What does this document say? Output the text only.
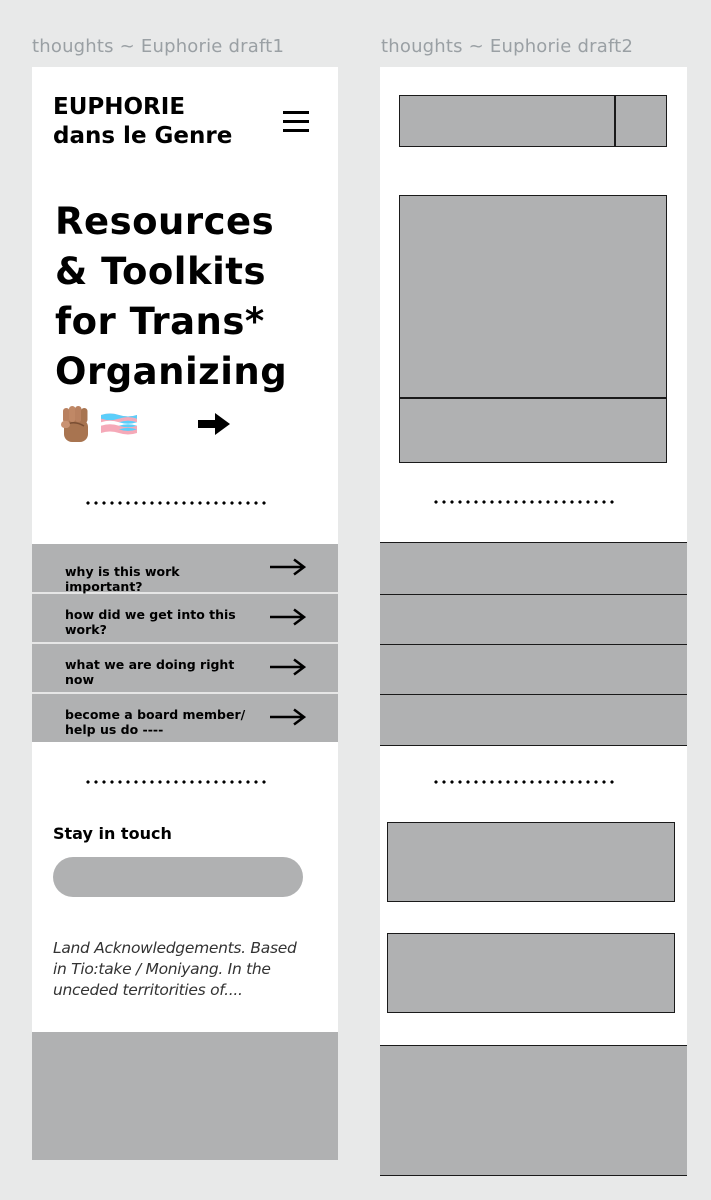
thoughts ~ Euphorie draft1	thoughts ~ Euphorie draft2
EUPHORIE
dans le Genre
Resources
& Toolkits
for Trans*
Organizing
why is this work important?
how did we get into this work?
what we are doing right now
become a board member/ help us do ----
Stay in touch
Land Acknowledgements. Based in Tio:take / Moniyang. In the unceded territorities of....
